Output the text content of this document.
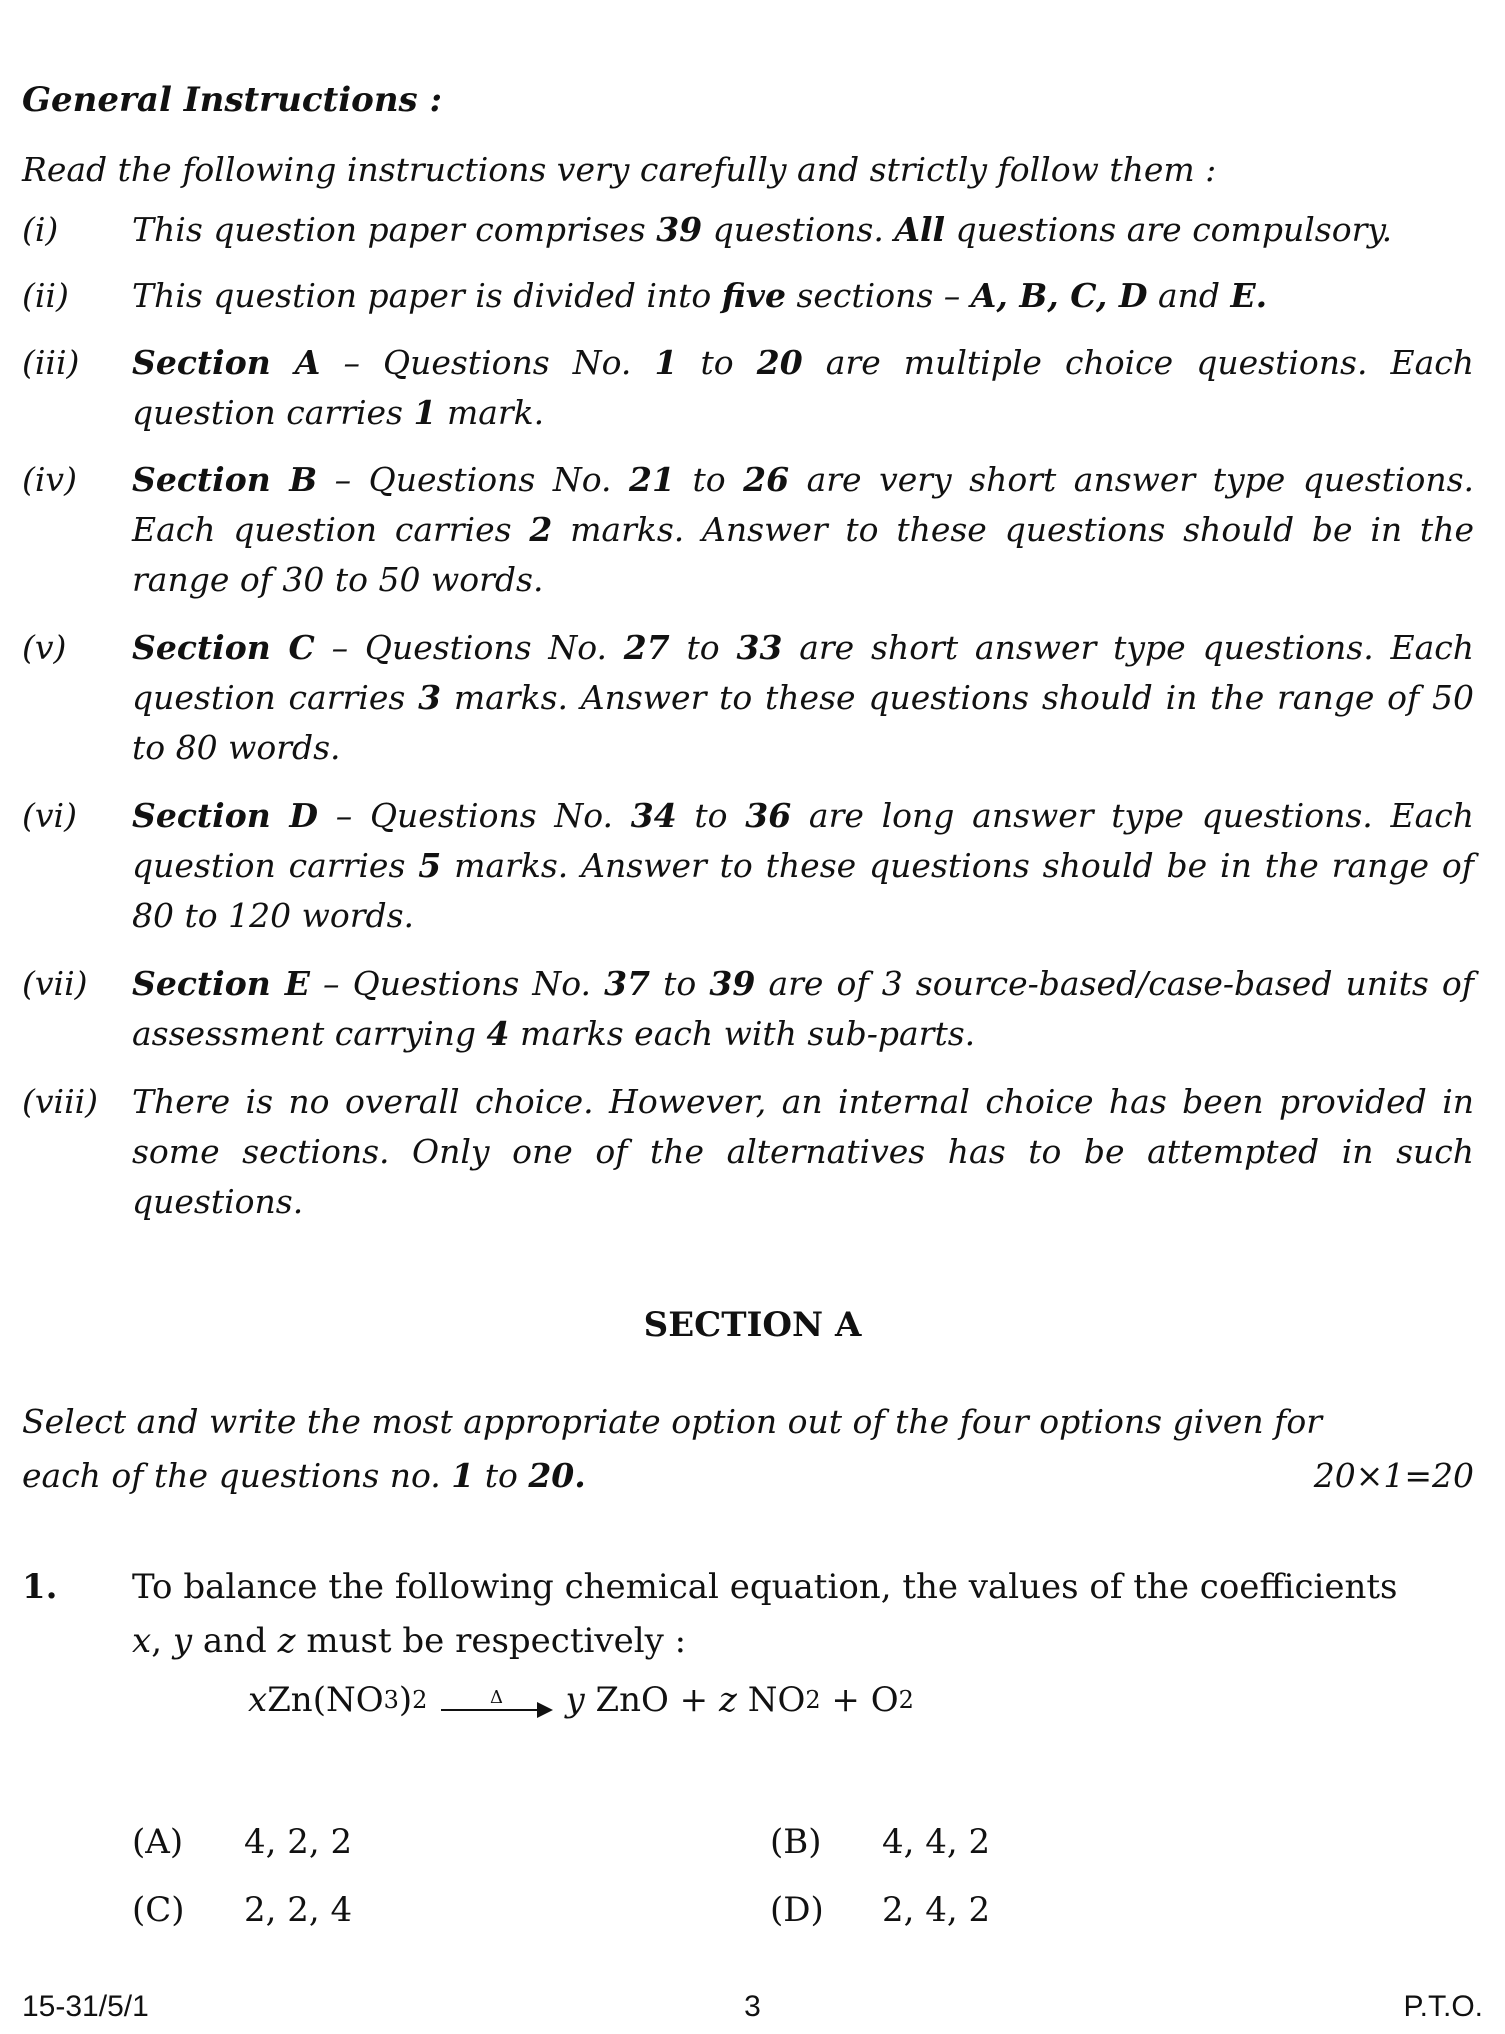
General Instructions :
Read the following instructions very carefully and strictly follow them :
(i) This question paper comprises 39 questions. All questions are compulsory.
(ii) This question paper is divided into five sections – A, B, C, D and E.
(iii) Section A – Questions No. 1 to 20 are multiple choice questions. Each question carries 1 mark.
(iv) Section B – Questions No. 21 to 26 are very short answer type questions. Each question carries 2 marks. Answer to these questions should be in the range of 30 to 50 words.
(v) Section C – Questions No. 27 to 33 are short answer type questions. Each question carries 3 marks. Answer to these questions should in the range of 50 to 80 words.
(vi) Section D – Questions No. 34 to 36 are long answer type questions. Each question carries 5 marks. Answer to these questions should be in the range of 80 to 120 words.
(vii) Section E – Questions No. 37 to 39 are of 3 source-based/case-based units of assessment carrying 4 marks each with sub-parts.
(viii) There is no overall choice. However, an internal choice has been provided in some sections. Only one of the alternatives has to be attempted in such questions.
SECTION A
Select and write the most appropriate option out of the four options given for
each of the questions no. 1 to 20.	20×1=20
1. To balance the following chemical equation, the values of the coefficients
x, y and z must be respectively :
x Zn(NO 3 ) 2	Δ y ZnO + z NO 2 + O 2
(A) 4, 2, 2	(B) 4, 4, 2
(C) 2, 2, 4	(D) 2, 4, 2
15-31/5/1	3	P.T.O.
